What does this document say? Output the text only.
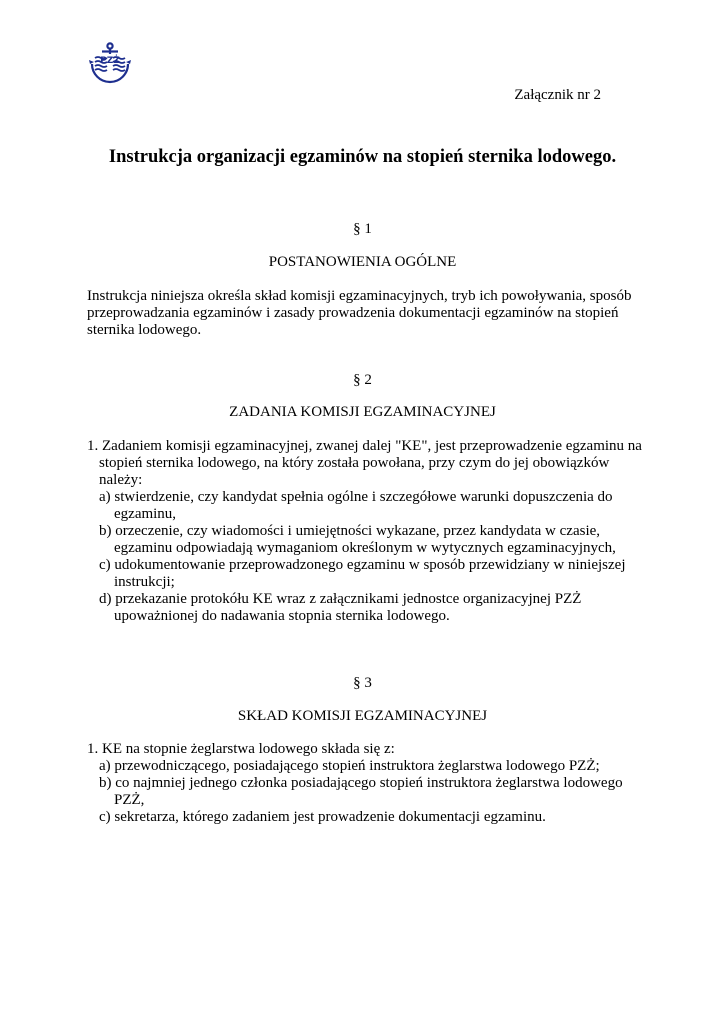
PZŻ
Załącznik nr 2
Instrukcja organizacji egzaminów na stopień sternika lodowego.
§ 1
POSTANOWIENIA OGÓLNE
Instrukcja niniejsza określa skład komisji egzaminacyjnych, tryb ich powoływania, sposób
przeprowadzania egzaminów i zasady prowadzenia dokumentacji egzaminów na stopień
sternika lodowego.
§ 2
ZADANIA KOMISJI EGZAMINACYJNEJ
1. Zadaniem komisji egzaminacyjnej, zwanej dalej "KE", jest przeprowadzenie egzaminu na
stopień sternika lodowego, na który została powołana, przy czym do jej obowiązków
należy:
a) stwierdzenie, czy kandydat spełnia ogólne i szczegółowe warunki dopuszczenia do
egzaminu,
b) orzeczenie, czy wiadomości i umiejętności wykazane, przez kandydata w czasie,
egzaminu odpowiadają wymaganiom określonym w wytycznych egzaminacyjnych,
c) udokumentowanie przeprowadzonego egzaminu w sposób przewidziany w niniejszej
instrukcji;
d) przekazanie protokółu KE wraz z załącznikami jednostce organizacyjnej PZŻ
upoważnionej do nadawania stopnia sternika lodowego.
§ 3
SKŁAD KOMISJI EGZAMINACYJNEJ
1. KE na stopnie żeglarstwa lodowego składa się z:
a) przewodniczącego, posiadającego stopień instruktora żeglarstwa lodowego PZŻ;
b) co najmniej jednego członka posiadającego stopień instruktora żeglarstwa lodowego
PZŻ,
c) sekretarza, którego zadaniem jest prowadzenie dokumentacji egzaminu.
